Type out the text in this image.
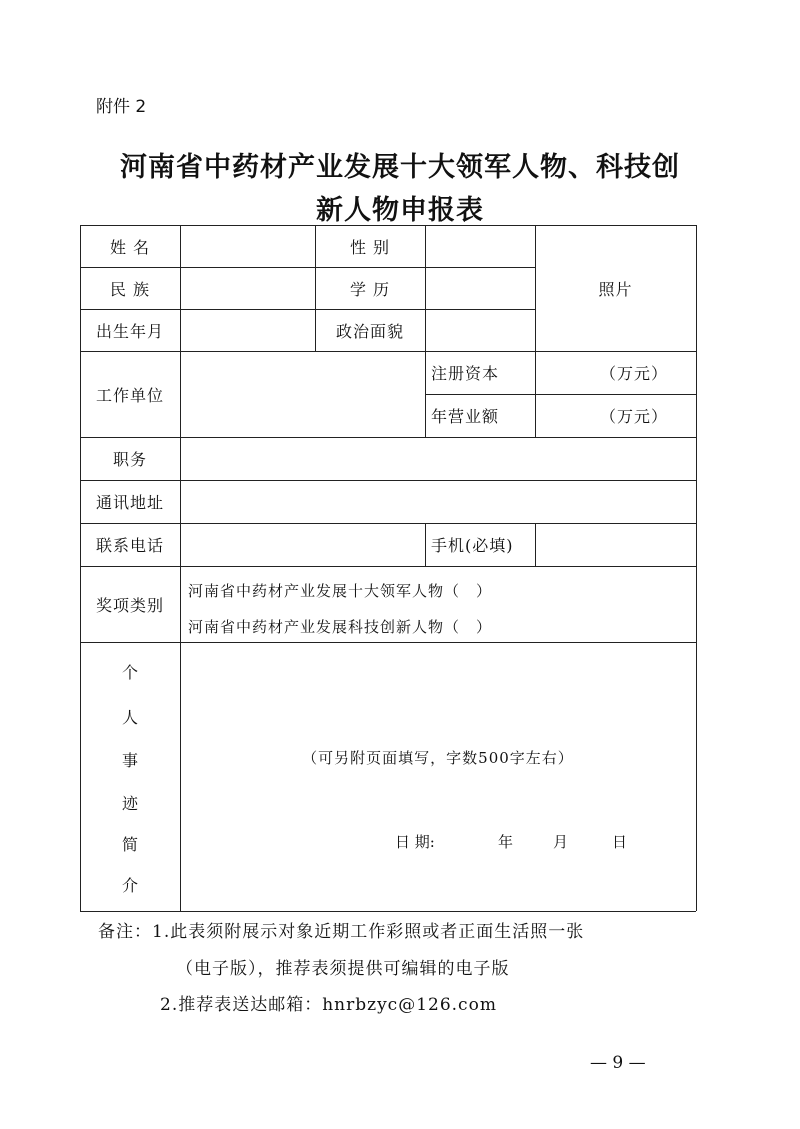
附件 2
河南省中药材产业发展十大领军人物、科技创
新人物申报表
姓 名	性 别
民 族	学 历
出生年月	政治面貌
照片
工作单位
注册资本	（万元）
年营业额	（万元）
职务
通讯地址
联系电话	手机(必填)
奖项类别
河南省中药材产业发展十大领军人物（　）
河南省中药材产业发展科技创新人物（　）
个
人
事
迹
简
介
（可另附页面填写，字数500字左右）
日 期:	年	月	日
备注：1.此表须附展示对象近期工作彩照或者正面生活照一张
（电子版），推荐表须提供可编辑的电子版
2.推荐表送达邮箱：hnrbzyc@126.com
— 9 —
